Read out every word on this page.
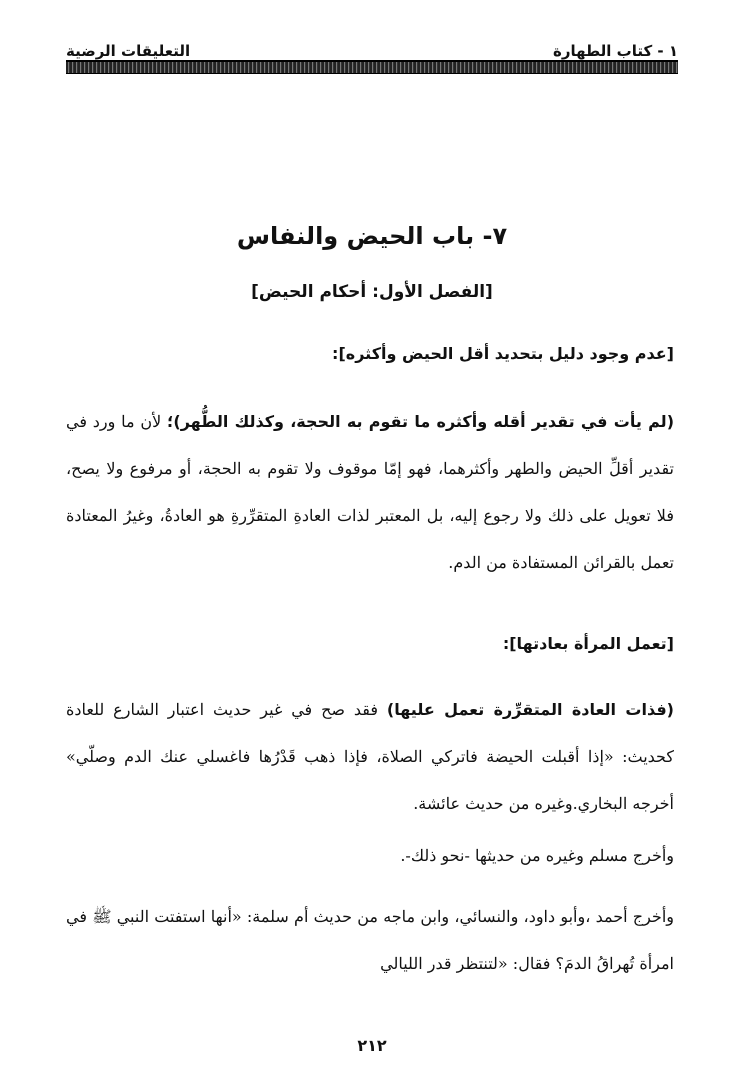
١ - كتاب الطهارة
التعليقات الرضية
٧- باب الحيض والنفاس
[الفصل الأول: أحكام الحيض]
[عدم وجود دليل بتحديد أقل الحيض وأكثره]:
(لم يأت في تقدير أقله وأكثره ما تقوم به الحجة، وكذلك الطُّهر)؛ لأن ما ورد في تقدير أقلِّ الحيض والطهر وأكثرهما، فهو إمّا موقوف ولا تقوم به الحجة، أو مرفوع ولا يصح، فلا تعويل على ذلك ولا رجوع إليه، بل المعتبر لذات العادةِ المتقرِّرةِ هو العادةُ، وغيرُ المعتادة تعمل بالقرائن المستفادة من الدم.
[تعمل المرأة بعادتها]:
(فذات العادة المتقرِّرة تعمل عليها) فقد صح في غير حديث اعتبار الشارع للعادة كحديث: «إذا أقبلت الحيضة فاتركي الصلاة، فإذا ذهب قَدْرُها فاغسلي عنك الدم وصلّي» أخرجه البخاري.وغيره من حديث عائشة.
وأخرج مسلم وغيره من حديثها -نحو ذلك-.
وأخرج أحمد ،وأبو داود، والنسائي، وابن ماجه من حديث أم سلمة: «أنها استفتت النبي ﷺ في امرأة تُهراقُ الدمَ؟ فقال: «لتنتظر قدر الليالي
٢١٢
